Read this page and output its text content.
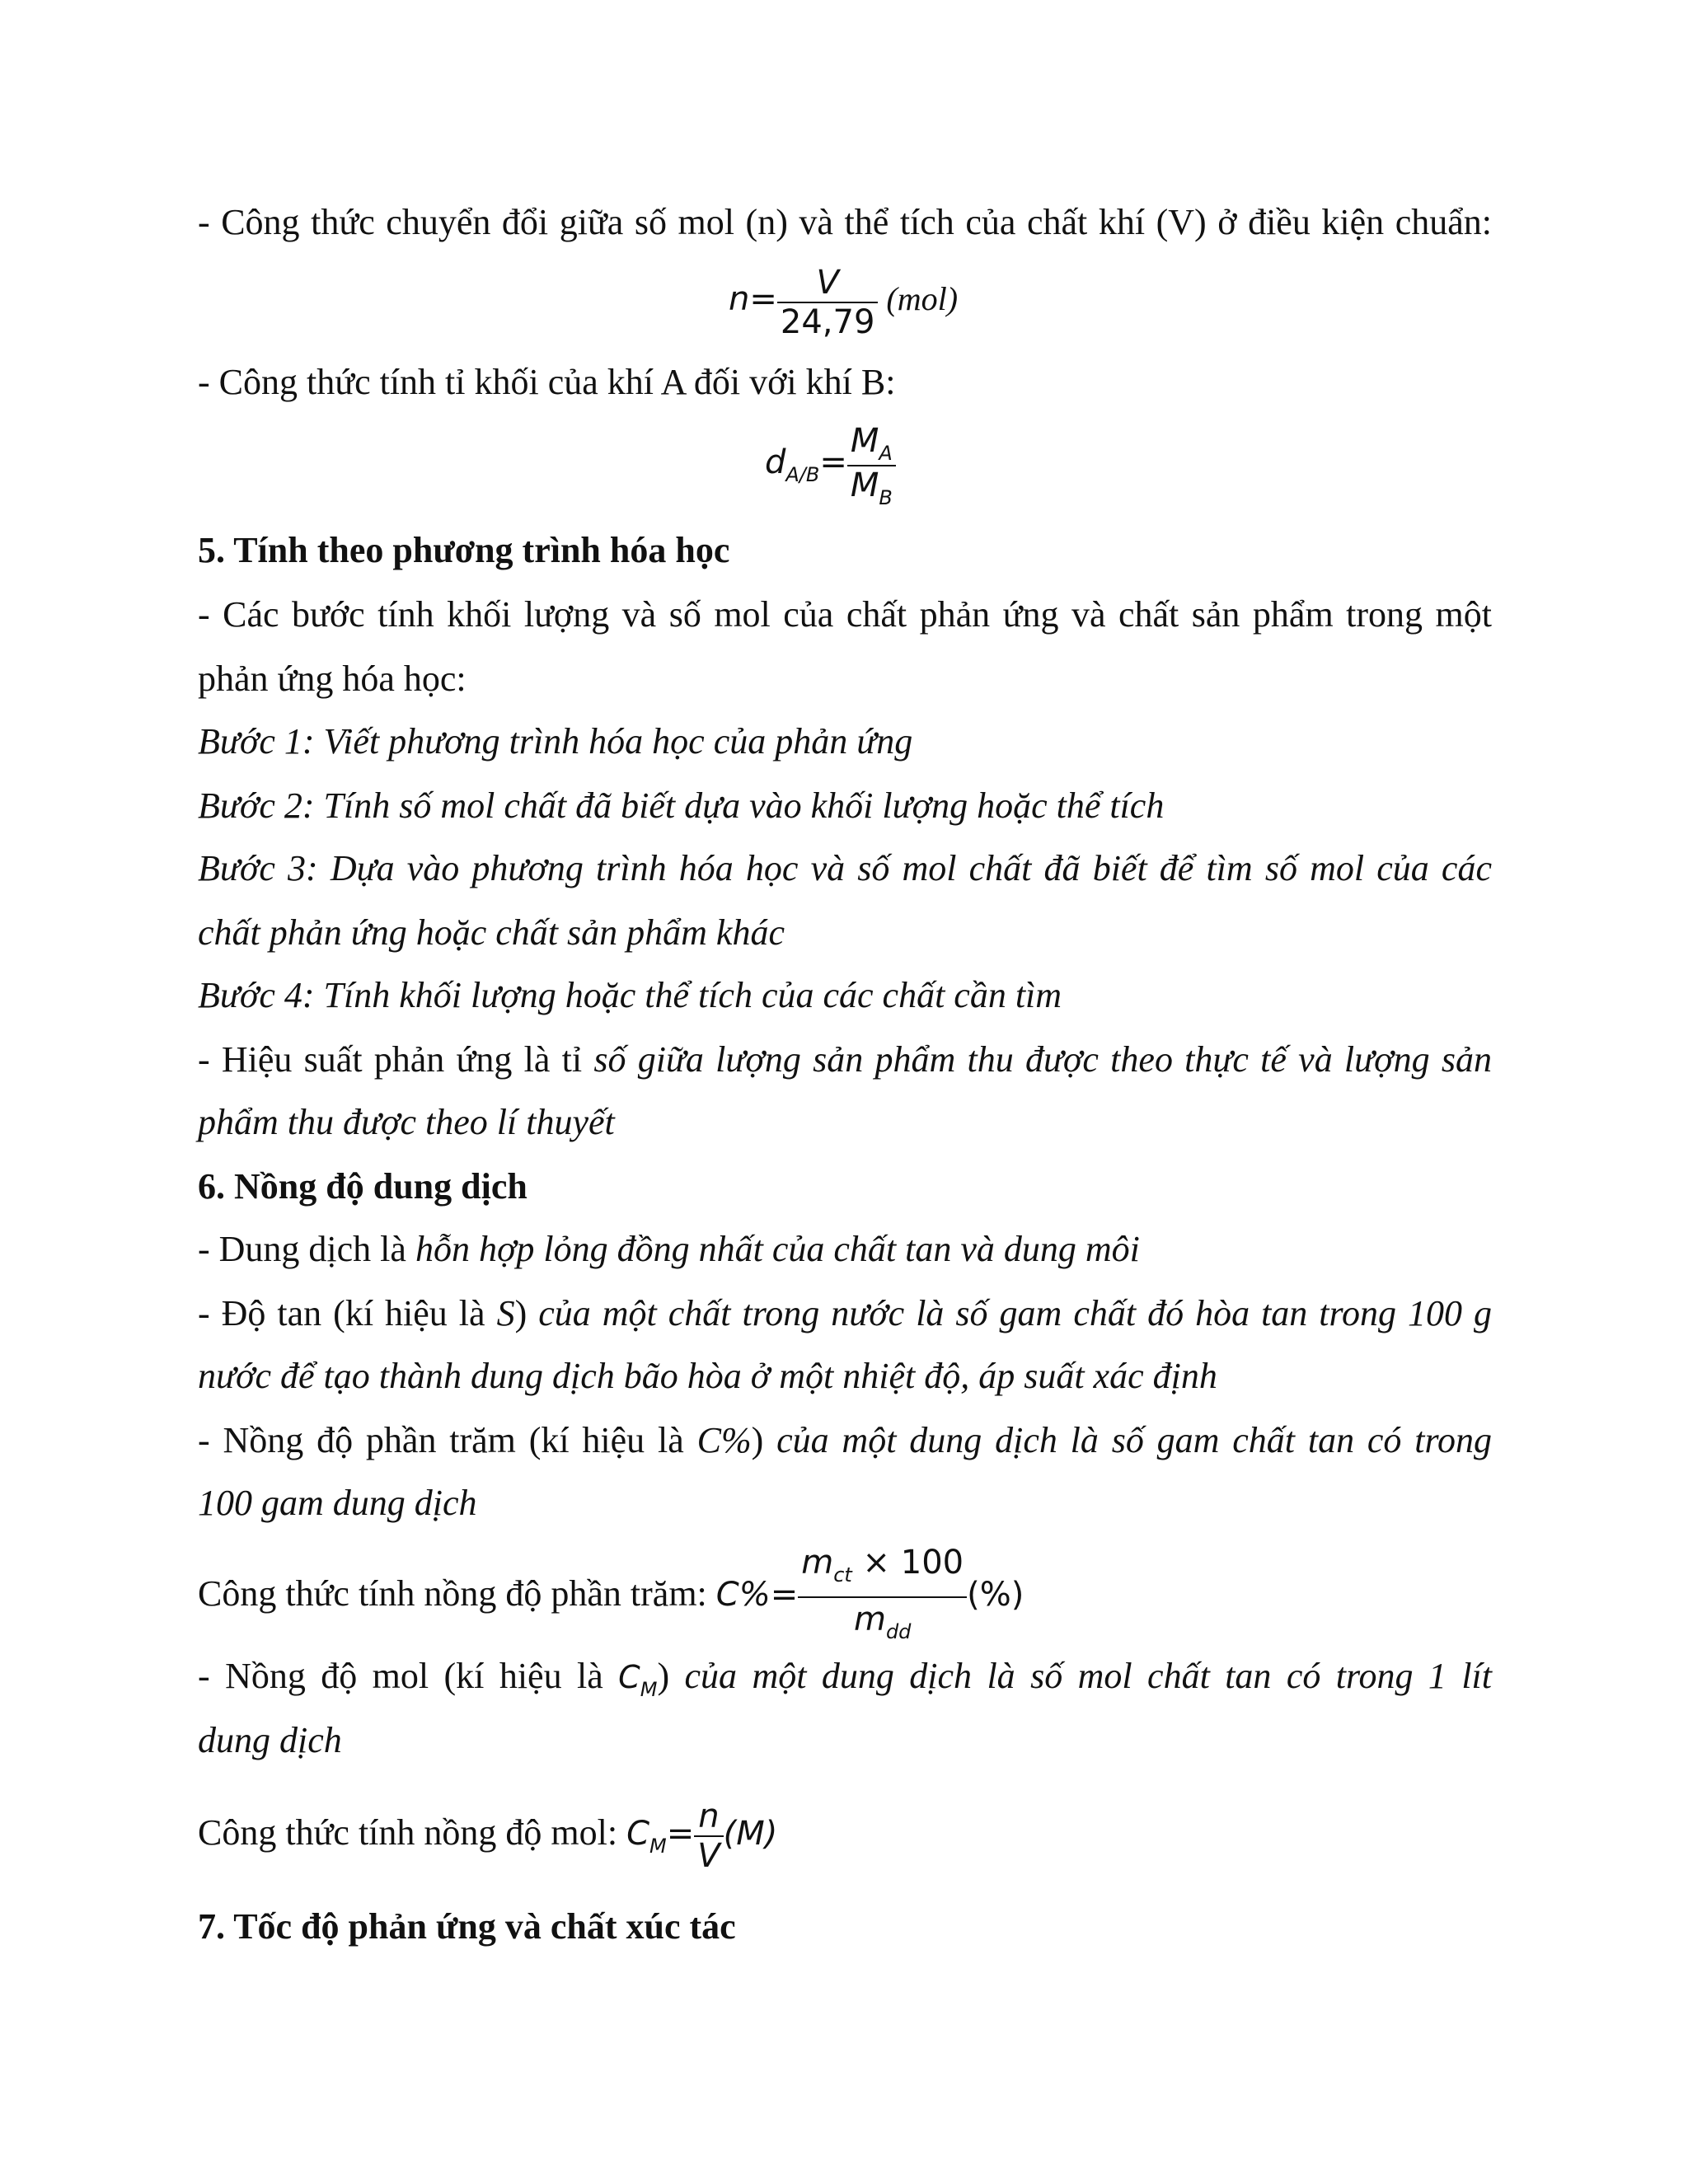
- Công thức chuyển đổi giữa số mol (n) và thể tích của chất khí (V) ở điều kiện chuẩn:
$n= \frac{V}{24,79} (mol)$
- Công thức tính tỉ khối của khí A đối với khí B:
$d_{A/B}= \frac{M_A}{M_B}$
5. Tính theo phương trình hóa học
- Các bước tính khối lượng và số mol của chất phản ứng và chất sản phẩm trong một
phản ứng hóa học:
Bước 1: Viết phương trình hóa học của phản ứng
Bước 2: Tính số mol chất đã biết dựa vào khối lượng hoặc thể tích
Bước 3: Dựa vào phương trình hóa học và số mol chất đã biết để tìm số mol của các
chất phản ứng hoặc chất sản phẩm khác
Bước 4: Tính khối lượng hoặc thể tích của các chất cần tìm
- Hiệu suất phản ứng là tỉ số giữa lượng sản phẩm thu được theo thực tế và lượng sản
phẩm thu được theo lí thuyết
6. Nồng độ dung dịch
- Dung dịch là hỗn hợp lỏng đồng nhất của chất tan và dung môi
- Độ tan (kí hiệu là S) của một chất trong nước là số gam chất đó hòa tan trong 100 g
nước để tạo thành dung dịch bão hòa ở một nhiệt độ, áp suất xác định
- Nồng độ phần trăm (kí hiệu là C%) của một dung dịch là số gam chất tan có trong
100 gam dung dịch
Công thức tính nồng độ phần trăm: $C\%= \frac{m_{ct} \times 100}{m_{dd}}$ (%)
- Nồng độ mol (kí hiệu là $C_M$) của một dung dịch là số mol chất tan có trong 1 lít
dung dịch
Công thức tính nồng độ mol: $C_M= \frac{n}{V} (M)$
7. Tốc độ phản ứng và chất xúc tác
